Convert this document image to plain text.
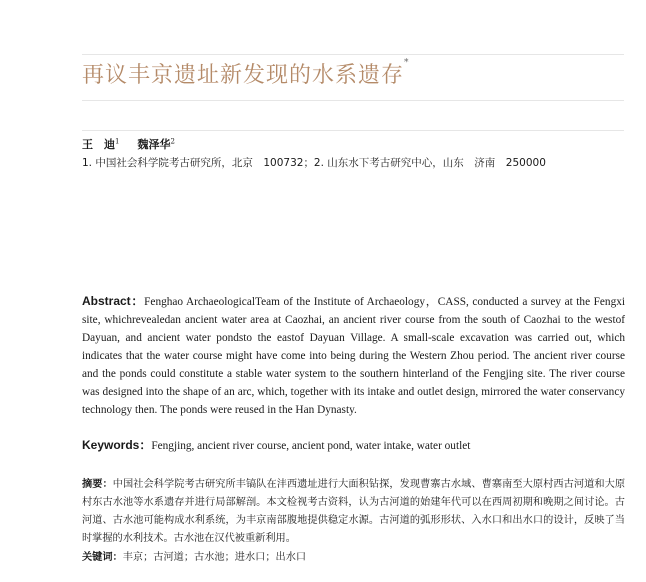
再议丰京遗址新发现的水系遗存*
王　迪$^1$ 魏泽华$^2$
1. 中国社会科学院考古研究所，北京　100732；2. 山东水下考古研究中心，山东　济南　250000

Abstract：Fenghao ArchaeologicalTeam of the Institute of Archaeology，CASS, conducted a survey at the Fengxi site, whichrevealedan ancient water area at Caozhai, an ancient river course from the south of Caozhai to the westof Dayuan, and ancient water pondsto the eastof Dayuan Village. A small-scale excavation was carried out, which indicates that the water course might have come into being during the Western Zhou period. The ancient river course and the ponds could constitute a stable water system to the southern hinterland of the Fengjing site. The river course was designed into the shape of an arc, which, together with its intake and outlet design, mirrored the water conservancy technology then. The ponds were reused in the Han Dynasty.

Keywords：Fengjing, ancient river course, ancient pond, water intake, water outlet

摘要：中国社会科学院考古研究所丰镐队在沣西遗址进行大面积钻探，发现曹寨古水域、曹寨南至大原村西古河道和大原村东古水池等水系遗存并进行局部解剖。本文检视考古资料，认为古河道的始建年代可以在西周初期和晚期之间讨论。古河道、古水池可能构成水利系统，为丰京南部腹地提供稳定水源。古河道的弧形形状、入水口和出水口的设计，反映了当时掌握的水利技术。古水池在汉代被重新利用。

关键词：丰京；古河道；古水池；进水口；出水口
